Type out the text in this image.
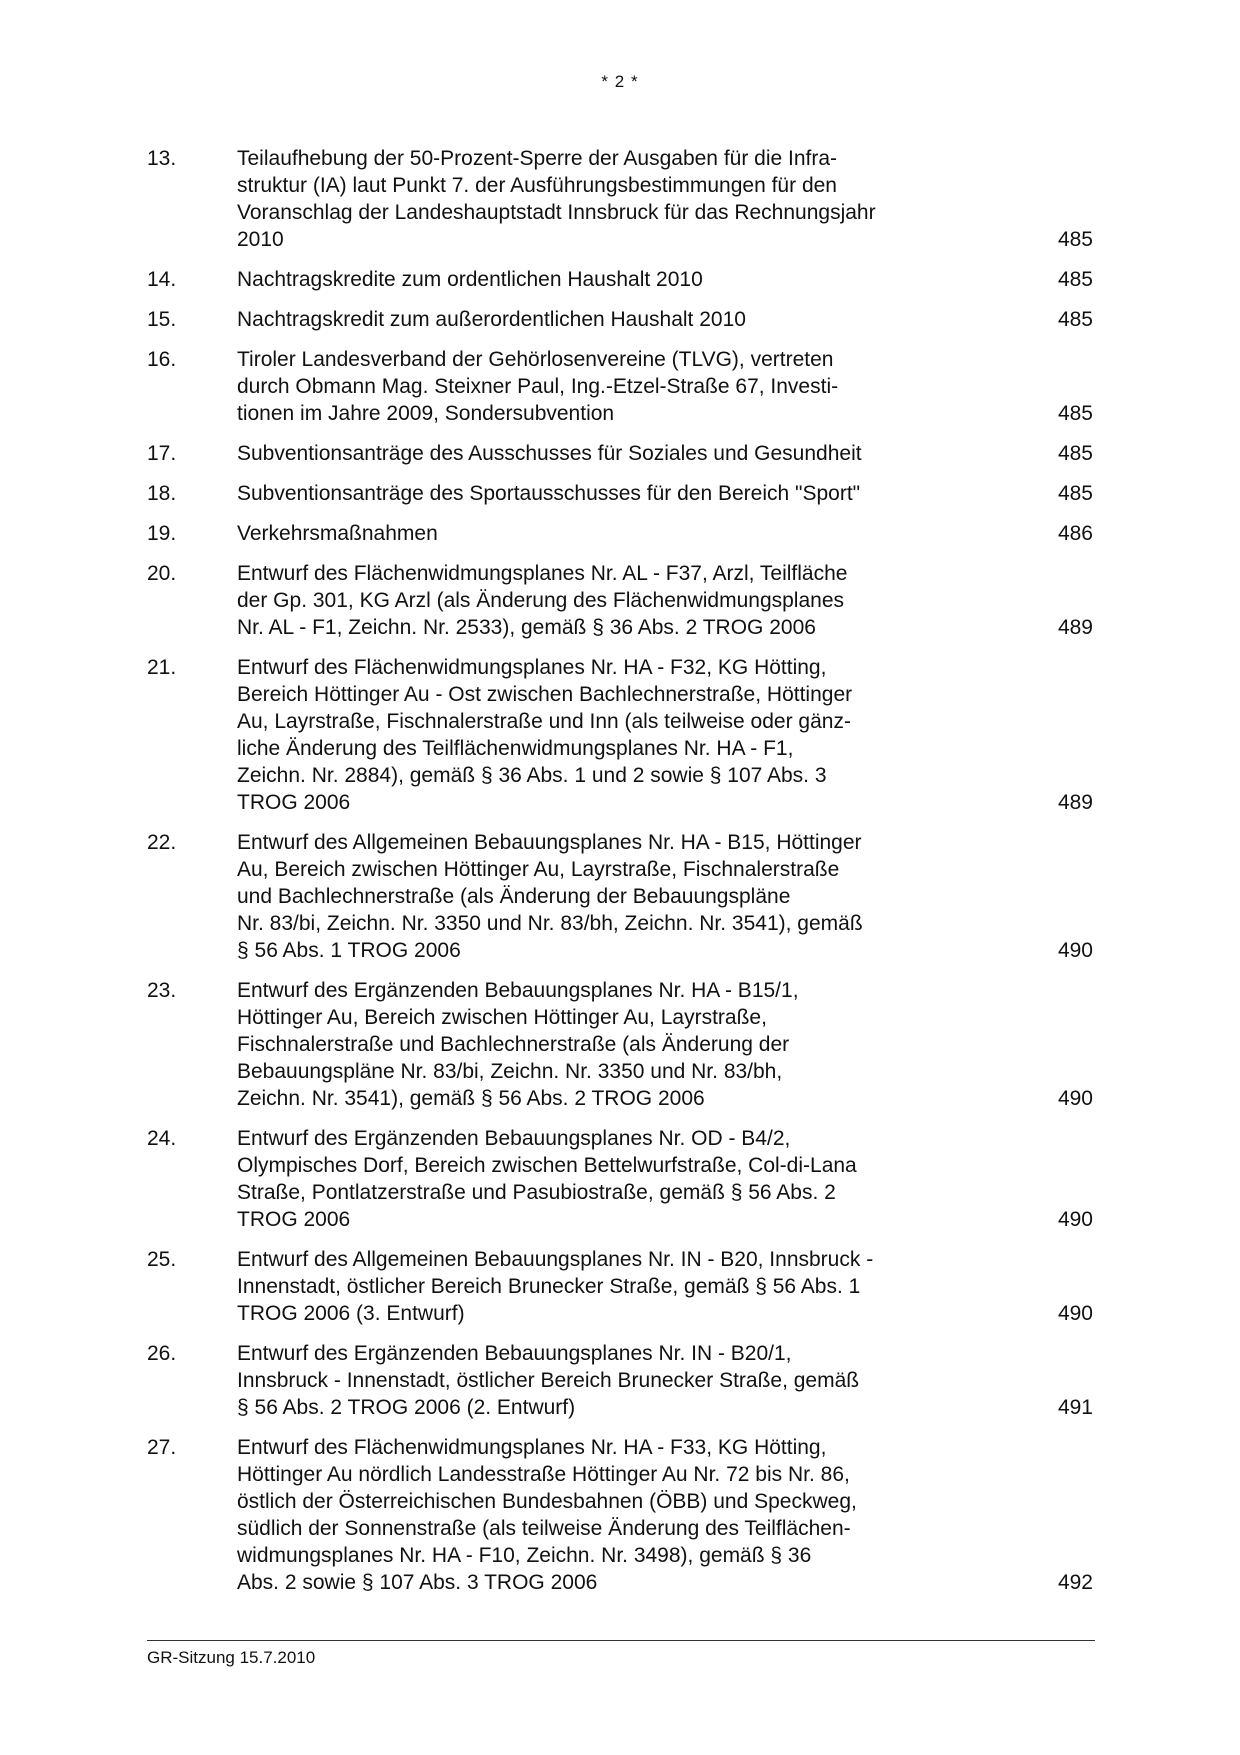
* 2 *
13.	Teilaufhebung der 50-Prozent-Sperre der Ausgaben für die Infra-
struktur (IA) laut Punkt 7. der Ausführungsbestimmungen für den
Voranschlag der Landeshauptstadt Innsbruck für das Rechnungsjahr
2010	485
14.	Nachtragskredite zum ordentlichen Haushalt 2010	485
15.	Nachtragskredit zum außerordentlichen Haushalt 2010	485
16.	Tiroler Landesverband der Gehörlosenvereine (TLVG), vertreten
durch Obmann Mag. Steixner Paul, Ing.-Etzel-Straße 67, Investi-
tionen im Jahre 2009, Sondersubvention	485
17.	Subventionsanträge des Ausschusses für Soziales und Gesundheit	485
18.	Subventionsanträge des Sportausschusses für den Bereich "Sport"	485
19.	Verkehrsmaßnahmen	486
20.	Entwurf des Flächenwidmungsplanes Nr. AL - F37, Arzl, Teilfläche
der Gp. 301, KG Arzl (als Änderung des Flächenwidmungsplanes
Nr. AL - F1, Zeichn. Nr. 2533), gemäß § 36 Abs. 2 TROG 2006	489
21.	Entwurf des Flächenwidmungsplanes Nr. HA - F32, KG Hötting,
Bereich Höttinger Au - Ost zwischen Bachlechnerstraße, Höttinger
Au, Layrstraße, Fischnalerstraße und Inn (als teilweise oder gänz-
liche Änderung des Teilflächenwidmungsplanes Nr. HA - F1,
Zeichn. Nr. 2884), gemäß § 36 Abs. 1 und 2 sowie § 107 Abs. 3
TROG 2006	489
22.	Entwurf des Allgemeinen Bebauungsplanes Nr. HA - B15, Höttinger
Au, Bereich zwischen Höttinger Au, Layrstraße, Fischnalerstraße
und Bachlechnerstraße (als Änderung der Bebauungspläne
Nr. 83/bi, Zeichn. Nr. 3350 und Nr. 83/bh, Zeichn. Nr. 3541), gemäß
§ 56 Abs. 1 TROG 2006	490
23.	Entwurf des Ergänzenden Bebauungsplanes Nr. HA - B15/1,
Höttinger Au, Bereich zwischen Höttinger Au, Layrstraße,
Fischnalerstraße und Bachlechnerstraße (als Änderung der
Bebauungspläne Nr. 83/bi, Zeichn. Nr. 3350 und Nr. 83/bh,
Zeichn. Nr. 3541), gemäß § 56 Abs. 2 TROG 2006	490
24.	Entwurf des Ergänzenden Bebauungsplanes Nr. OD - B4/2,
Olympisches Dorf, Bereich zwischen Bettelwurfstraße, Col-di-Lana
Straße, Pontlatzerstraße und Pasubiostraße, gemäß § 56 Abs. 2
TROG 2006	490
25.	Entwurf des Allgemeinen Bebauungsplanes Nr. IN - B20, Innsbruck -
Innenstadt, östlicher Bereich Brunecker Straße, gemäß § 56 Abs. 1
TROG 2006 (3. Entwurf)	490
26.	Entwurf des Ergänzenden Bebauungsplanes Nr. IN - B20/1,
Innsbruck - Innenstadt, östlicher Bereich Brunecker Straße, gemäß
§ 56 Abs. 2 TROG 2006 (2. Entwurf)	491
27.	Entwurf des Flächenwidmungsplanes Nr. HA - F33, KG Hötting,
Höttinger Au nördlich Landesstraße Höttinger Au Nr. 72 bis Nr. 86,
östlich der Österreichischen Bundesbahnen (ÖBB) und Speckweg,
südlich der Sonnenstraße (als teilweise Änderung des Teilflächen-
widmungsplanes Nr. HA - F10, Zeichn. Nr. 3498), gemäß § 36
Abs. 2 sowie § 107 Abs. 3 TROG 2006	492
GR-Sitzung 15.7.2010
